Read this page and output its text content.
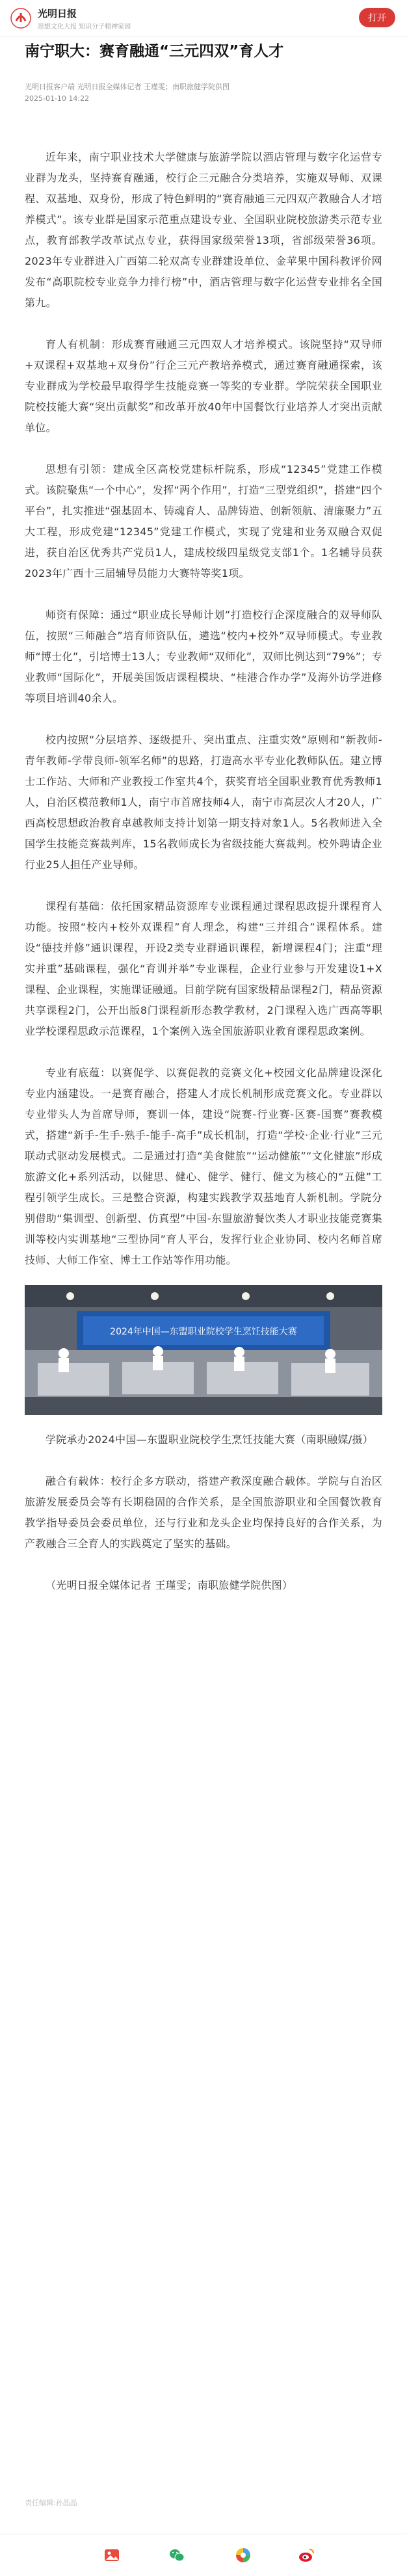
光明日报
思想文化大报 知识分子精神家园
打开
南宁职大：赛育融通“三元四双”育人才
光明日报客户端 光明日报全媒体记者 王瑾雯；南职旅健学院供图
2025-01-10 14:22

近年来，南宁职业技术大学健康与旅游学院以酒店管理与数字化运营专业群为龙头，坚持赛育融通，校行企三元融合分类培养，实施双导师、双课程、双基地、双身份，形成了特色鲜明的“赛育融通三元四双产教融合人才培养模式”。该专业群是国家示范重点建设专业、全国职业院校旅游类示范专业点，教育部教学改革试点专业，获得国家级荣誉13项，省部级荣誉36项。2023年专业群进入广西第二轮双高专业群建设单位、金苹果中国科教评价网发布“高职院校专业竞争力排行榜”中，酒店管理与数字化运营专业排名全国第九。

育人有机制：形成赛育融通三元四双人才培养模式。该院坚持“双导师+双课程+双基地+双身份”行企三元产教培养模式，通过赛育融通探索，该专业群成为学校最早取得学生技能竞赛一等奖的专业群。学院荣获全国职业院校技能大赛“突出贡献奖”和改革开放40年中国餐饮行业培养人才突出贡献单位。

思想有引领：建成全区高校党建标杆院系，形成“12345”党建工作模式。该院聚焦“一个中心”，发挥“两个作用”，打造“三型党组织”，搭建“四个平台”，扎实推进“强基固本、铸魂育人、品牌铸造、创新领航、清廉聚力”五大工程，形成党建“12345”党建工作模式，实现了党建和业务双融合双促进，获自治区优秀共产党员1人，建成校级四星级党支部1个。1名辅导员获2023年广西十三届辅导员能力大赛特等奖1项。

师资有保障：通过“职业成长导师计划”打造校行企深度融合的双导师队伍，按照“三师融合”培育师资队伍，遴选“校内+校外”双导师模式。专业教师“博士化”，引培博士13人；专业教师“双师化”，双师比例达到“79%”；专业教师“国际化”，开展美国饭店课程模块、“桂港合作办学”及海外访学进修等项目培训40余人。

校内按照“分层培养、逐级提升、突出重点、注重实效”原则和“新教师-青年教师-学带良师-领军名师”的思路，打造高水平专业化教师队伍。建立博士工作站、大师和产业教授工作室共4个，获奖育培全国职业教育优秀教师1人，自治区模范教师1人，南宁市首席技师4人，南宁市高层次人才20人，广西高校思想政治教育卓越教师支持计划第一期支持对象1人。5名教师进入全国学生技能竞赛裁判库，15名教师成长为省级技能大赛裁判。校外聘请企业行业25人担任产业导师。

课程有基础：依托国家精品资源库专业课程通过课程思政提升课程育人功能。按照“校内+校外双课程”育人理念，构建“三并组合”课程体系。建设“德技并修”通识课程，开设2类专业群通识课程，新增课程4门；注重“理实并重”基础课程，强化“育训并举”专业课程，企业行业参与开发建设1+X课程、企业课程，实施课证融通。目前学院有国家级精品课程2门，精品资源共享课程2门，公开出版8门课程新形态教学教材，2门课程入选广西高等职业学校课程思政示范课程，1个案例入选全国旅游职业教育课程思政案例。

专业有底蕴：以赛促学、以赛促教的竞赛文化+校园文化品牌建设深化专业内涵建设。一是赛育融合，搭建人才成长机制形成竞赛文化。专业群以专业带头人为首席导师，赛训一体，建设“院赛-行业赛-区赛-国赛”赛教模式，搭建“新手-生手-熟手-能手-高手”成长机制，打造“学校·企业·行业”三元联动式驱动发展模式。二是通过打造“美食健旅”“运动健旅”“文化健旅”形成旅游文化+系列活动，以健思、健心、健学、健行、健文为核心的“五健”工程引领学生成长。三是整合资源，构建实践教学双基地育人新机制。学院分别借助“集训型、创新型、仿真型”中国-东盟旅游餐饮类人才职业技能竞赛集训等校内实训基地“三型协同”育人平台，发挥行业企业协同、校内名师首席技师、大师工作室、博士工作站等作用功能。

2024年中国—东盟职业院校学生烹饪技能大赛

学院承办2024中国—东盟职业院校学生烹饪技能大赛（南职融媒/摄）

融合有载体：校行企多方联动，搭建产教深度融合载体。学院与自治区旅游发展委员会等有长期稳固的合作关系，是全国旅游职业和全国餐饮教育教学指导委员会委员单位，还与行业和龙头企业均保持良好的合作关系，为产教融合三全育人的实践奠定了坚实的基础。

（光明日报全媒体记者 王瑾雯；南职旅健学院供图）

责任编辑:孙晶晶
